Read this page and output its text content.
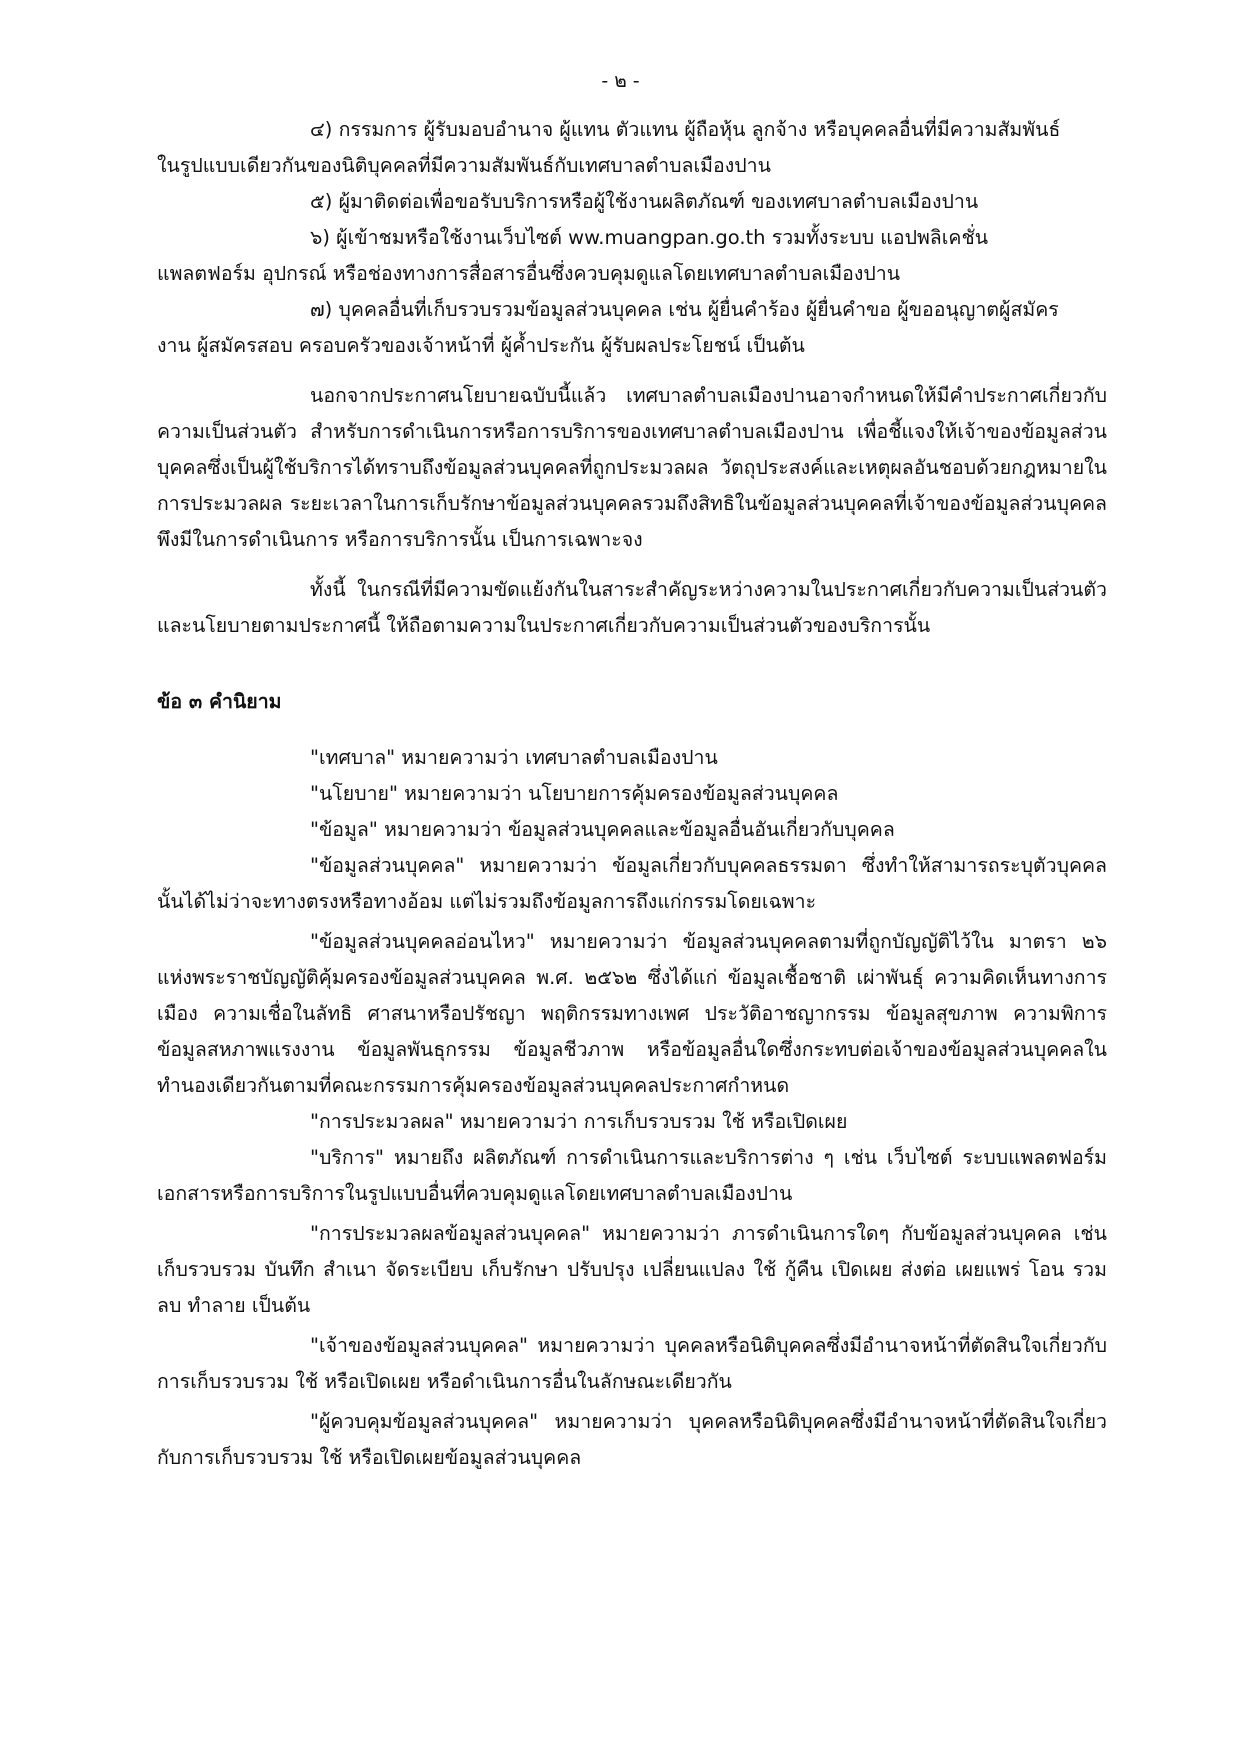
- ๒ -

๔) กรรมการ ผู้รับมอบอำนาจ ผู้แทน ตัวแทน ผู้ถือหุ้น ลูกจ้าง หรือบุคคลอื่นที่มีความสัมพันธ์

ในรูปแบบเดียวกันของนิติบุคคลที่มีความสัมพันธ์กับเทศบาลตำบลเมืองปาน

๕) ผู้มาติดต่อเพื่อขอรับบริการหรือผู้ใช้งานผลิตภัณฑ์ ของเทศบาลตำบลเมืองปาน

๖) ผู้เข้าชมหรือใช้งานเว็บไซต์ ww.muangpan.go.th รวมทั้งระบบ แอปพลิเคชั่น

แพลตฟอร์ม อุปกรณ์ หรือช่องทางการสื่อสารอื่นซึ่งควบคุมดูแลโดยเทศบาลตำบลเมืองปาน

๗) บุคคลอื่นที่เก็บรวบรวมข้อมูลส่วนบุคคล เช่น ผู้ยื่นคำร้อง ผู้ยื่นคำขอ ผู้ขออนุญาตผู้สมัคร

งาน ผู้สมัครสอบ ครอบครัวของเจ้าหน้าที่ ผู้ค้ำประกัน ผู้รับผลประโยชน์ เป็นต้น

นอกจากประกาศนโยบายฉบับนี้แล้ว เทศบาลตำบลเมืองปานอาจกำหนดให้มีคำประกาศเกี่ยวกับความเป็นส่วนตัว สำหรับการดำเนินการหรือการบริการของเทศบาลตำบลเมืองปาน เพื่อชี้แจงให้เจ้าของข้อมูลส่วนบุคคลซึ่งเป็นผู้ใช้บริการได้ทราบถึงข้อมูลส่วนบุคคลที่ถูกประมวลผล วัตถุประสงค์และเหตุผลอันชอบด้วยกฎหมายในการประมวลผล ระยะเวลาในการเก็บรักษาข้อมูลส่วนบุคคลรวมถึงสิทธิในข้อมูลส่วนบุคคลที่เจ้าของข้อมูลส่วนบุคคลพึงมีในการดำเนินการ หรือการบริการนั้น เป็นการเฉพาะจง

ทั้งนี้ ในกรณีที่มีความขัดแย้งกันในสาระสำคัญระหว่างความในประกาศเกี่ยวกับความเป็นส่วนตัวและนโยบายตามประกาศนี้ ให้ถือตามความในประกาศเกี่ยวกับความเป็นส่วนตัวของบริการนั้น

ข้อ ๓ คำนิยาม

"เทศบาล" หมายความว่า เทศบาลตำบลเมืองปาน

"นโยบาย" หมายความว่า นโยบายการคุ้มครองข้อมูลส่วนบุคคล

"ข้อมูล" หมายความว่า ข้อมูลส่วนบุคคลและข้อมูลอื่นอันเกี่ยวกับบุคคล

"ข้อมูลส่วนบุคคล" หมายความว่า ข้อมูลเกี่ยวกับบุคคลธรรมดา ซึ่งทำให้สามารถระบุตัวบุคคลนั้นได้ไม่ว่าจะทางตรงหรือทางอ้อม แต่ไม่รวมถึงข้อมูลการถึงแก่กรรมโดยเฉพาะ

"ข้อมูลส่วนบุคคลอ่อนไหว" หมายความว่า ข้อมูลส่วนบุคคลตามที่ถูกบัญญัติไว้ใน มาตรา ๒๖ แห่งพระราชบัญญัติคุ้มครองข้อมูลส่วนบุคคล พ.ศ. ๒๕๖๒ ซึ่งได้แก่ ข้อมูลเชื้อชาติ เผ่าพันธุ์ ความคิดเห็นทางการเมือง ความเชื่อในลัทธิ ศาสนาหรือปรัชญา พฤติกรรมทางเพศ ประวัติอาชญากรรม ข้อมูลสุขภาพ ความพิการ ข้อมูลสหภาพแรงงาน ข้อมูลพันธุกรรม ข้อมูลชีวภาพ หรือข้อมูลอื่นใดซึ่งกระทบต่อเจ้าของข้อมูลส่วนบุคคลในทำนองเดียวกันตามที่คณะกรรมการคุ้มครองข้อมูลส่วนบุคคลประกาศกำหนด

"การประมวลผล" หมายความว่า การเก็บรวบรวม ใช้ หรือเปิดเผย

"บริการ" หมายถึง ผลิตภัณฑ์ การดำเนินการและบริการต่าง ๆ เช่น เว็บไซต์ ระบบแพลตฟอร์ม เอกสารหรือการบริการในรูปแบบอื่นที่ควบคุมดูแลโดยเทศบาลตำบลเมืองปาน

"การประมวลผลข้อมูลส่วนบุคคล" หมายความว่า ภารดำเนินการใดๆ กับข้อมูลส่วนบุคคล เช่น เก็บรวบรวม บันทึก สำเนา จัดระเบียบ เก็บรักษา ปรับปรุง เปลี่ยนแปลง ใช้ กู้คืน เปิดเผย ส่งต่อ เผยแพร่ โอน รวม ลบ ทำลาย เป็นต้น

"เจ้าของข้อมูลส่วนบุคคล" หมายความว่า บุคคลหรือนิติบุคคลซึ่งมีอำนาจหน้าที่ตัดสินใจเกี่ยวกับการเก็บรวบรวม ใช้ หรือเปิดเผย หรือดำเนินการอื่นในลักษณะเดียวกัน

"ผู้ควบคุมข้อมูลส่วนบุคคล" หมายความว่า บุคคลหรือนิติบุคคลซึ่งมีอำนาจหน้าที่ตัดสินใจเกี่ยวกับการเก็บรวบรวม ใช้ หรือเปิดเผยข้อมูลส่วนบุคคล
